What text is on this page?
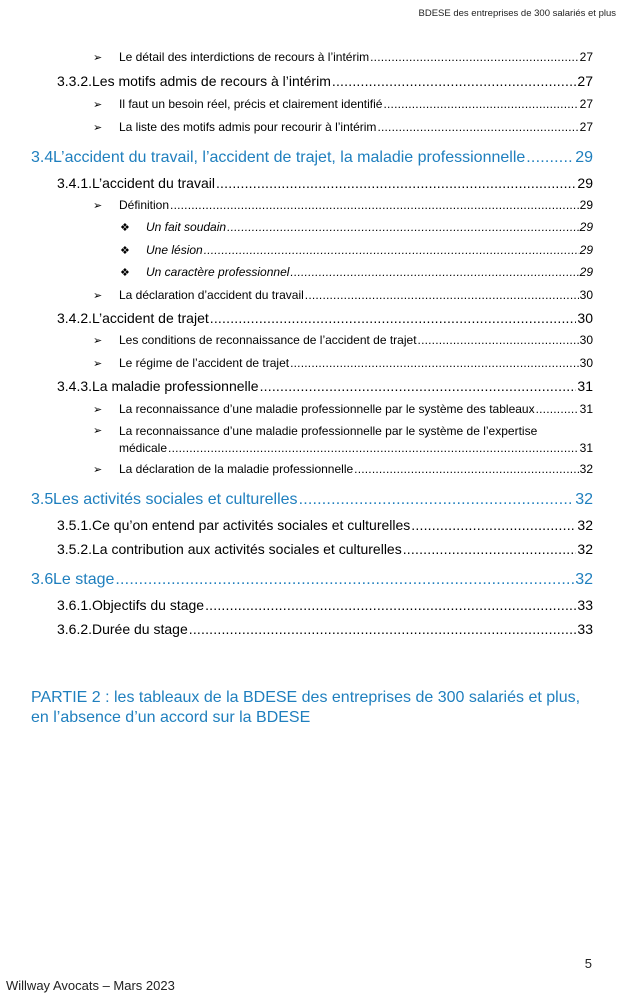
BDESE des entreprises de 300 salariés et plus
➢	Le détail des interdictions de recours à l’intérim .....	27
3.3.2. Les motifs admis de recours à l’intérim .....	27
➢	Il faut un besoin réel, précis et clairement identifié .....	27
➢	La liste des motifs admis pour recourir à l’intérim .....	27
3.4.
L’accident du travail, l’accident de trajet, la maladie professionnelle .....	29
3.4.1. L’accident du travail .....	29
➢	Définition .....	29
❖	Un fait soudain .....	29
❖	Une lésion .....	29
❖	Un caractère professionnel .....	29
➢	La déclaration d’accident du travail .....	30
3.4.2. L’accident de trajet .....	30
➢	Les conditions de reconnaissance de l’accident de trajet .....	30
➢	Le régime de l’accident de trajet .....	30
3.4.3. La maladie professionnelle .....	31
➢	La reconnaissance d’une maladie professionnelle par le système des tableaux .....	31
➢	La reconnaissance d’une maladie professionnelle par le système de l’expertise
médicale .....	31
➢	La déclaration de la maladie professionnelle .....	32
3.5.
Les activités sociales et culturelles .....	32
3.5.1. Ce qu’on entend par activités sociales et culturelles .....	32
3.5.2. La contribution aux activités sociales et culturelles .....	32
3.6.
Le stage .....	32
3.6.1. Objectifs du stage .....	33
3.6.2. Durée du stage .....	33
PARTIE 2 : les tableaux de la BDESE des entreprises de 300 salariés et plus, en l’absence d’un accord sur la BDESE
5
Willway Avocats – Mars 2023
